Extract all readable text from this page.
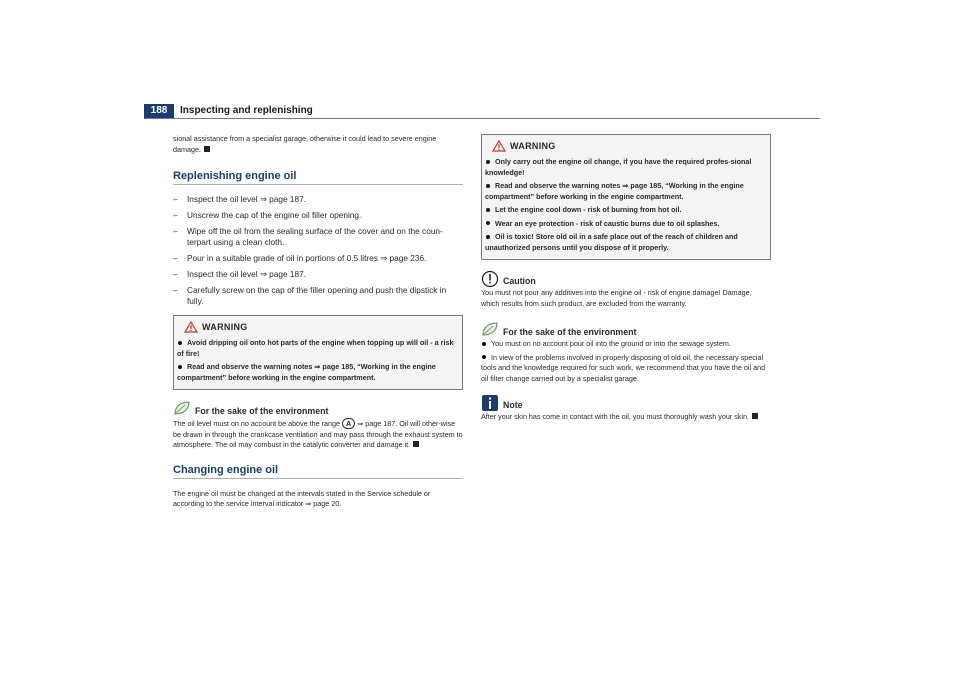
188	Inspecting and replenishing

sional assistance from a specialist garage, otherwise it could lead to severe engine damage.

Replenishing engine oil
– Inspect the oil level ⇒ page 187.
– Unscrew the cap of the engine oil filler opening.
– Wipe off the oil from the sealing surface of the cover and on the coun-terpart using a clean cloth.
– Pour in a suitable grade of oil in portions of 0.5 litres ⇒ page 236.
– Inspect the oil level ⇒ page 187.
– Carefully screw on the cap of the filler opening and push the dipstick in fully.
WARNING
Avoid dripping oil onto hot parts of the engine when topping up will oil - a risk of fire!
Read and observe the warning notes ⇒ page 185, “Working in the engine compartment” before working in the engine compartment.
For the sake of the environment

The oil level must on no account be above the range A ⇒ page 187. Oil will other-wise be drawn in through the crankcase ventilation and may pass through the exhaust system to atmosphere. The oil may combust in the catalytic converter and damage it.

Changing engine oil

The engine oil must be changed at the intervals stated in the Service schedule or according to the service interval indicator ⇒ page 20.

WARNING
Only carry out the engine oil change, if you have the required profes-sional knowledge!
Read and observe the warning notes ⇒ page 185, “Working in the engine compartment” before working in the engine compartment.
Let the engine cool down - risk of burning from hot oil.
Wear an eye protection - risk of caustic burns due to oil splashes.
Oil is toxic! Store old oil in a safe place out of the reach of children and unauthorized persons until you dispose of it properly.
Caution

You must not pour any additives into the engine oil - risk of engine damage! Damage, which results from such product, are excluded from the warranty.

For the sake of the environment
You must on no account pour oil into the ground or into the sewage system.
In view of the problems involved in properly disposing of old oil, the necessary special tools and the knowledge required for such work, we recommend that you have the oil and oil filter change carried out by a specialist garage.
Note

After your skin has come in contact with the oil, you must thoroughly wash your skin.
